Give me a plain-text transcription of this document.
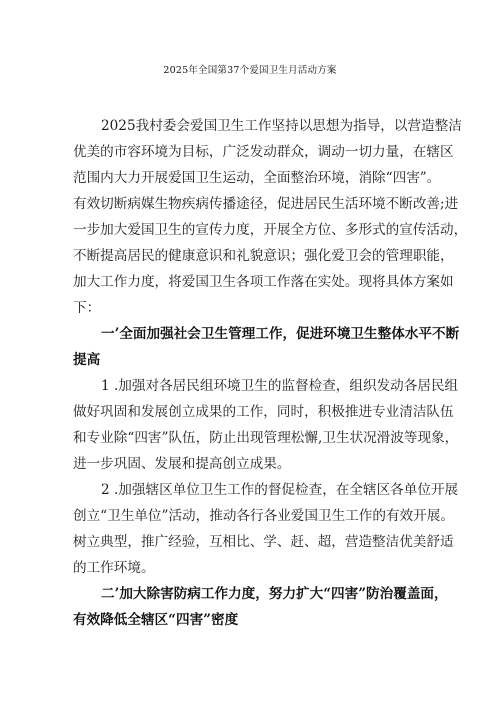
2025年全国第37个爱国卫生月活动方案
2025我村委会爱国卫生工作坚持以思想为指导，以营造整洁
优美的市容环境为目标，广泛发动群众，调动一切力量，在辖区
范围内大力开展爱国卫生运动，全面整治环境，消除“四害”。
有效切断病媒生物疾病传播途径，促进居民生活环境不断改善;进
一步加大爱国卫生的宣传力度，开展全方位、多形式的宣传活动，
不断提高居民的健康意识和礼貌意识；强化爱卫会的管理职能，
加大工作力度，将爱国卫生各项工作落在实处。现将具体方案如
下：
一’全面加强社会卫生管理工作，促进环境卫生整体水平不断
提高
1 .加强对各居民组环境卫生的监督检查，组织发动各居民组
做好巩固和发展创立成果的工作，同时，积极推进专业清洁队伍
和专业除“四害”队伍，防止出现管理松懈,卫生状况滑波等现象，
进一步巩固、发展和提高创立成果。
2 .加强辖区单位卫生工作的督促检查，在全辖区各单位开展
创立“卫生单位”活动，推动各行各业爱国卫生工作的有效开展。
树立典型，推广经验，互相比、学、赶、超，营造整洁优美舒适
的工作环境。
二’加大除害防病工作力度，努力扩大“四害”防治覆盖面，
有效降低全辖区“四害”密度
